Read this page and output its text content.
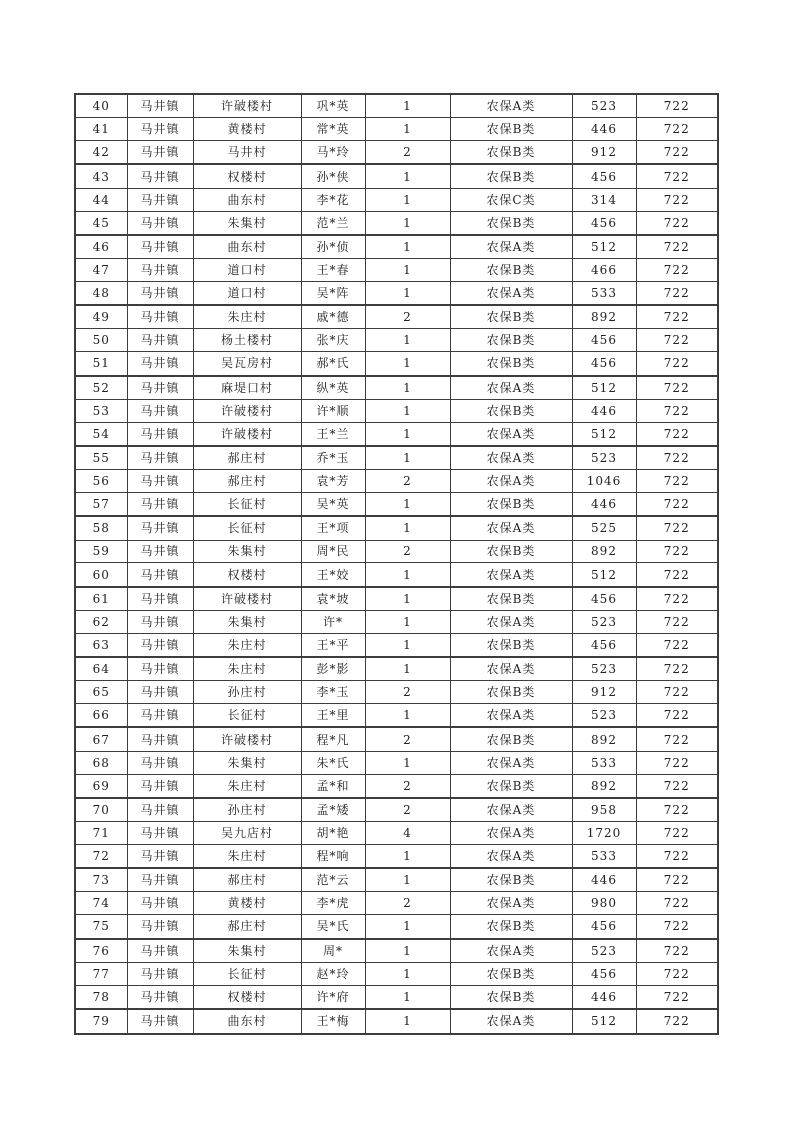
40	马井镇	许破楼村	巩*英	1	农保A类	523	722
41	马井镇	黄楼村	常*英	1	农保B类	446	722
42	马井镇	马井村	马*玲	2	农保B类	912	722
43	马井镇	权楼村	孙*侠	1	农保B类	456	722
44	马井镇	曲东村	李*花	1	农保C类	314	722
45	马井镇	朱集村	范*兰	1	农保B类	456	722
46	马井镇	曲东村	孙*侦	1	农保A类	512	722
47	马井镇	道口村	王*春	1	农保B类	466	722
48	马井镇	道口村	吴*阵	1	农保A类	533	722
49	马井镇	朱庄村	戚*德	2	农保B类	892	722
50	马井镇	杨土楼村	张*庆	1	农保B类	456	722
51	马井镇	吴瓦房村	郝*氏	1	农保B类	456	722
52	马井镇	麻堤口村	纵*英	1	农保A类	512	722
53	马井镇	许破楼村	许*顺	1	农保B类	446	722
54	马井镇	许破楼村	王*兰	1	农保A类	512	722
55	马井镇	郝庄村	乔*玉	1	农保A类	523	722
56	马井镇	郝庄村	袁*芳	2	农保A类	1046	722
57	马井镇	长征村	吴*英	1	农保B类	446	722
58	马井镇	长征村	王*项	1	农保A类	525	722
59	马井镇	朱集村	周*民	2	农保B类	892	722
60	马井镇	权楼村	王*姣	1	农保A类	512	722
61	马井镇	许破楼村	袁*坡	1	农保B类	456	722
62	马井镇	朱集村	许*	1	农保A类	523	722
63	马井镇	朱庄村	王*平	1	农保B类	456	722
64	马井镇	朱庄村	彭*影	1	农保A类	523	722
65	马井镇	孙庄村	李*玉	2	农保B类	912	722
66	马井镇	长征村	王*里	1	农保A类	523	722
67	马井镇	许破楼村	程*凡	2	农保B类	892	722
68	马井镇	朱集村	朱*氏	1	农保A类	533	722
69	马井镇	朱庄村	孟*和	2	农保B类	892	722
70	马井镇	孙庄村	孟*矮	2	农保A类	958	722
71	马井镇	吴九店村	胡*艳	4	农保A类	1720	722
72	马井镇	朱庄村	程*响	1	农保A类	533	722
73	马井镇	郝庄村	范*云	1	农保B类	446	722
74	马井镇	黄楼村	李*虎	2	农保A类	980	722
75	马井镇	郝庄村	吴*氏	1	农保B类	456	722
76	马井镇	朱集村	周*	1	农保A类	523	722
77	马井镇	长征村	赵*玲	1	农保B类	456	722
78	马井镇	权楼村	许*府	1	农保B类	446	722
79	马井镇	曲东村	王*梅	1	农保A类	512	722
